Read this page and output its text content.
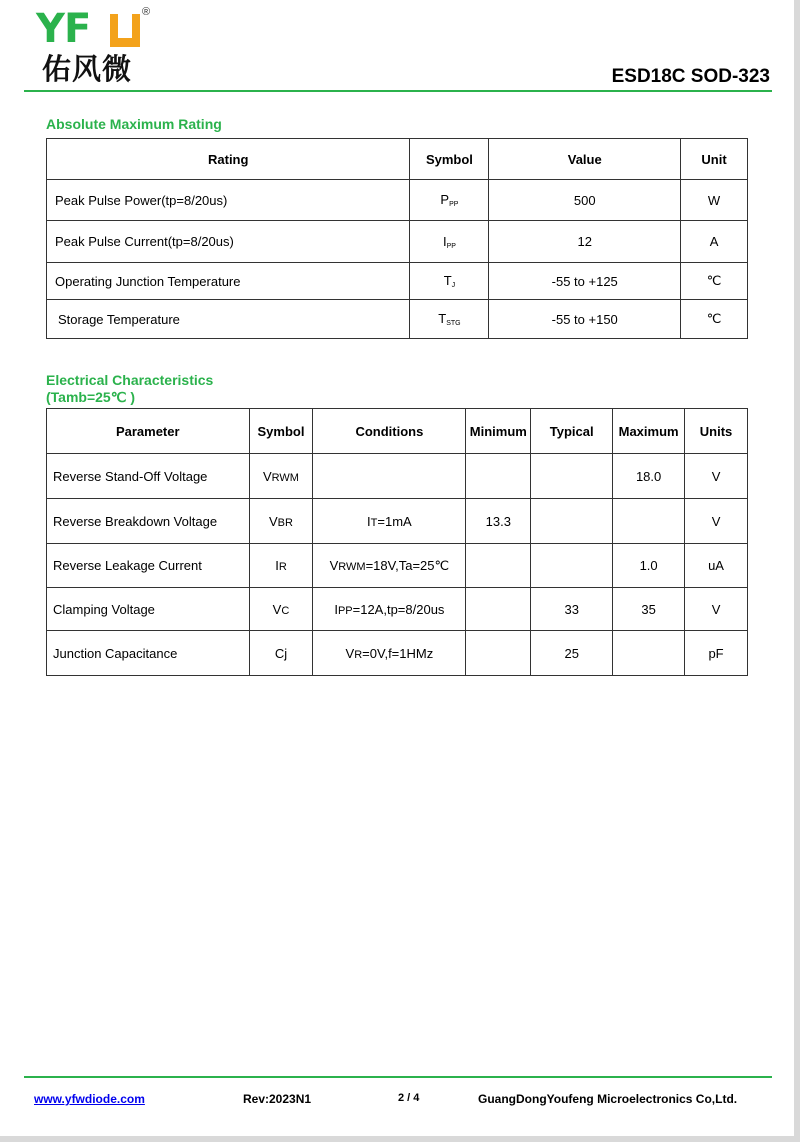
YF	®
佑风微	ESD18C SOD-323
Absolute Maximum Rating
Rating	Symbol	Value	Unit
Peak Pulse Power(tp=8/20us)	$P_{PP}$	500	W
Peak Pulse Current(tp=8/20us)	$I_{PP}$	12	A
Operating Junction Temperature	$T_J$	-55 to +125	℃
Storage Temperature	$T_{STG}$	-55 to +150	℃
Electrical Characteristics
(Tamb=25℃ )
Parameter	Symbol	Conditions	Minimum	Typical	Maximum	Units
Reverse Stand-Off Voltage	VRWM				18.0	V
Reverse Breakdown Voltage	VBR	IT=1mA	13.3			V
Reverse Leakage Current	IR	VRWM=18V,Ta=25℃			1.0	uA
Clamping Voltage	VC	IPP=12A,tp=8/20us		33	35	V
Junction Capacitance	Cj	VR=0V,f=1HMz		25		pF
www.yfwdiode.com	Rev:2023N1	2 / 4	GuangDongYoufeng Microelectronics Co,Ltd.
